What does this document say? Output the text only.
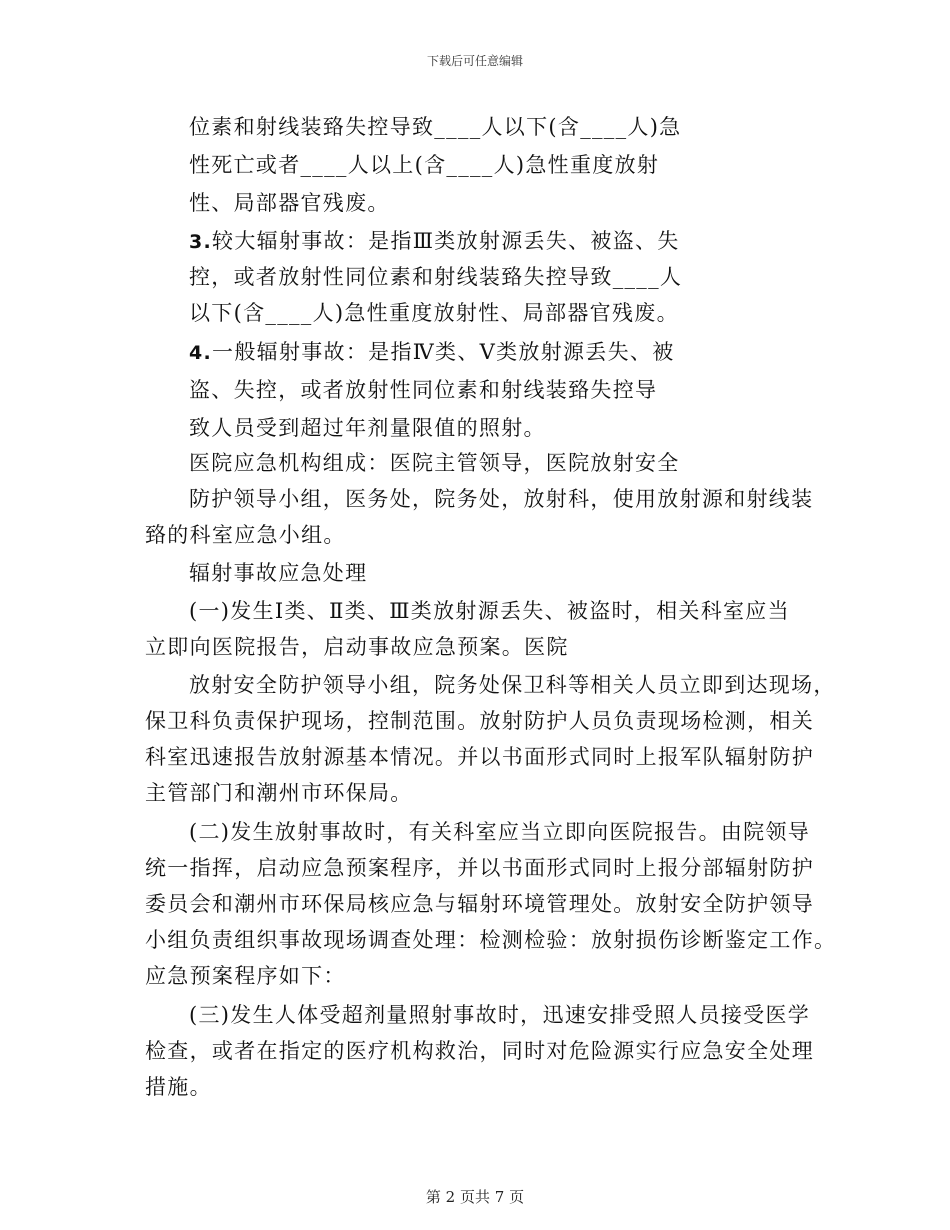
下载后可任意编辑
位素和射线装臵失控导致____人以下(含____人)急
性死亡或者____人以上(含____人)急性重度放射
性、局部器官残废。
3.较大辐射事故：是指Ⅲ类放射源丢失、被盗、失
控，或者放射性同位素和射线装臵失控导致____人
以下(含____人)急性重度放射性、局部器官残废。
4.一般辐射事故：是指Ⅳ类、Ⅴ类放射源丢失、被
盗、失控，或者放射性同位素和射线装臵失控导
致人员受到超过年剂量限值的照射。
医院应急机构组成：医院主管领导，医院放射安全
防护领导小组，医务处，院务处，放射科，使用放射源和射线装
臵的科室应急小组。
辐射事故应急处理
(一)发生Ⅰ类、Ⅱ类、Ⅲ类放射源丢失、被盗时，相关科室应当
立即向医院报告，启动事故应急预案。医院
放射安全防护领导小组，院务处保卫科等相关人员立即到达现场，
保卫科负责保护现场，控制范围。放射防护人员负责现场检测，相关
科室迅速报告放射源基本情况。并以书面形式同时上报军队辐射防护
主管部门和潮州市环保局。
(二)发生放射事故时，有关科室应当立即向医院报告。由院领导
统一指挥，启动应急预案程序，并以书面形式同时上报分部辐射防护
委员会和潮州市环保局核应急与辐射环境管理处。放射安全防护领导
小组负责组织事故现场调查处理：检测检验：放射损伤诊断鉴定工作。
应急预案程序如下：
(三)发生人体受超剂量照射事故时，迅速安排受照人员接受医学
检查，或者在指定的医疗机构救治，同时对危险源实行应急安全处理
措施。
第 2 页共 7 页
